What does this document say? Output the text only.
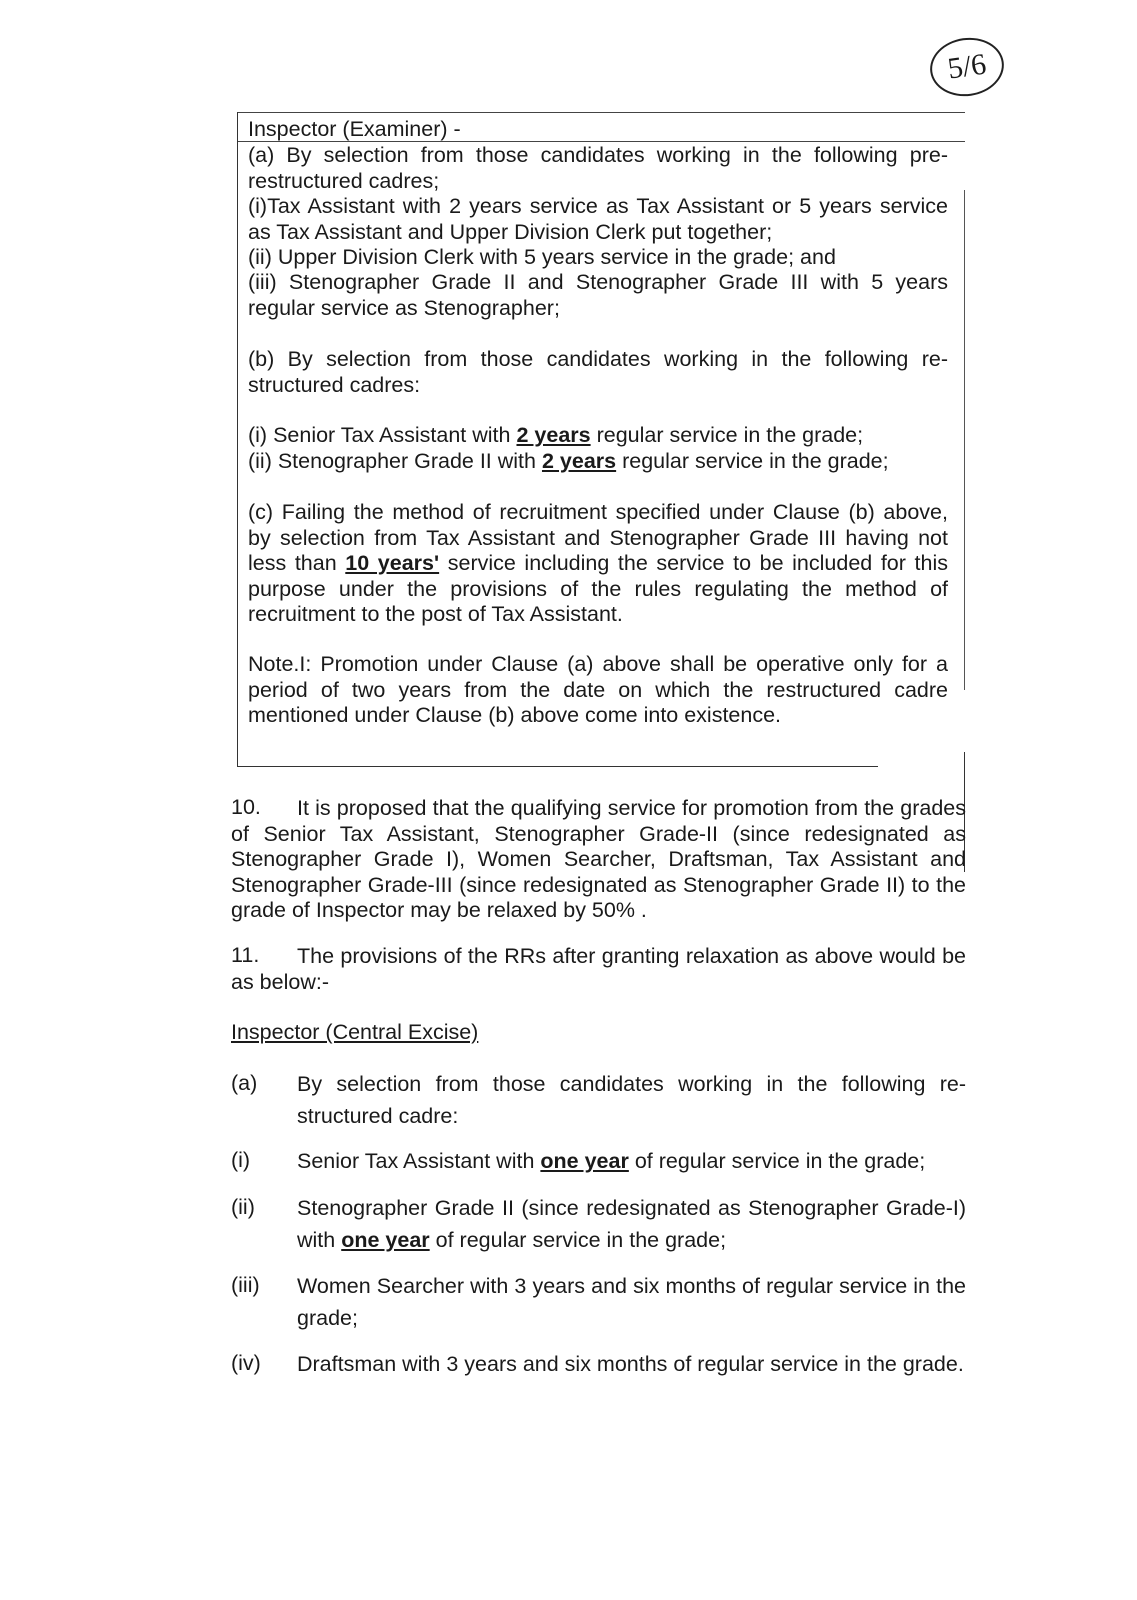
5/6

Inspector (Examiner) -

(a) By selection from those candidates working in the following pre-restructured cadres;

(i)Tax Assistant with 2 years service as Tax Assistant or 5 years service as Tax Assistant and Upper Division Clerk put together;

(ii) Upper Division Clerk with 5 years service in the grade; and

(iii) Stenographer Grade II and Stenographer Grade III with 5 years regular service as Stenographer;

(b) By selection from those candidates working in the following re-structured cadres:

(i) Senior Tax Assistant with 2 years regular service in the grade;

(ii) Stenographer Grade II with 2 years regular service in the grade;

(c) Failing the method of recruitment specified under Clause (b) above, by selection from Tax Assistant and Stenographer Grade III having not less than 10 years' service including the service to be included for this purpose under the provisions of the rules regulating the method of recruitment to the post of Tax Assistant.

Note.I: Promotion under Clause (a) above shall be operative only for a period of two years from the date on which the restructured cadre mentioned under Clause (b) above come into existence.

10.	It is proposed that the qualifying service for promotion from the grades of Senior Tax Assistant, Stenographer Grade-II (since redesignated as Stenographer Grade I), Women Searcher, Draftsman, Tax Assistant and Stenographer Grade-III (since redesignated as Stenographer Grade II) to the grade of Inspector may be relaxed by 50% .

11.	The provisions of the RRs after granting relaxation as above would be as below:-

Inspector (Central Excise)

(a) By selection from those candidates working in the following re-structured cadre:
(i) Senior Tax Assistant with one year of regular service in the grade;
(ii) Stenographer Grade II (since redesignated as Stenographer Grade-I) with one year of regular service in the grade;
(iii) Women Searcher with 3 years and six months of regular service in the grade;
(iv) Draftsman with 3 years and six months of regular service in the grade.
